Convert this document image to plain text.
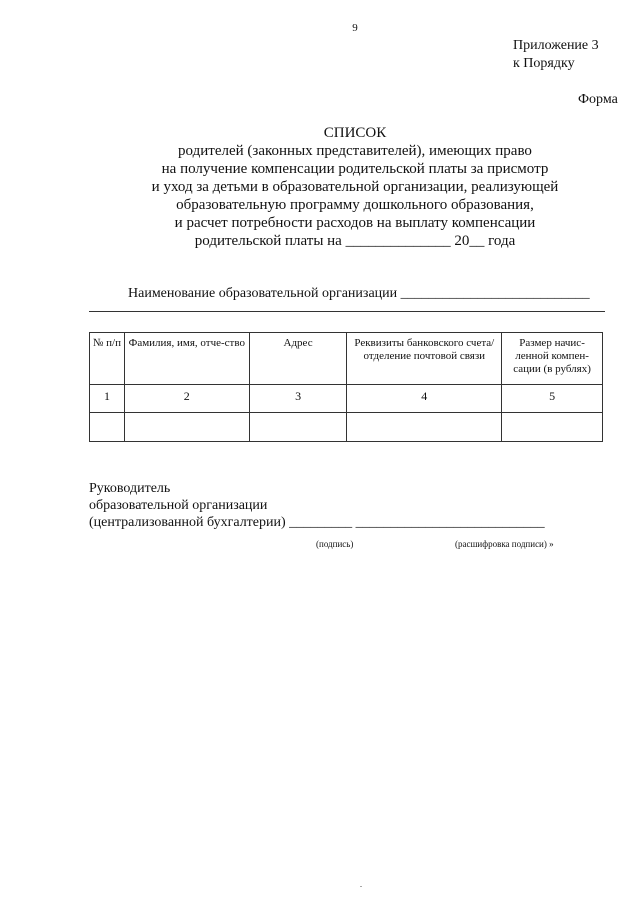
9
Приложение 3
к Порядку
Форма
СПИСОК
родителей (законных представителей), имеющих право
на получение компенсации родительской платы за присмотр
и уход за детьми в образовательной организации, реализующей
образовательную программу дошкольного образования,
и расчет потребности расходов на выплату компенсации
родительской платы на ______________ 20__ года
Наименование образовательной организации ___________________________
№ п/п	Фамилия, имя, отче-ство	Адрес	Реквизиты банковского счета/отделение почтовой связи	Размер начис-ленной компен-сации (в рублях)
1	2	3	4	5

Руководитель
образовательной организации
(централизованной бухгалтерии) _________ ___________________________
(подпись)	(расшифровка подписи) »
.
